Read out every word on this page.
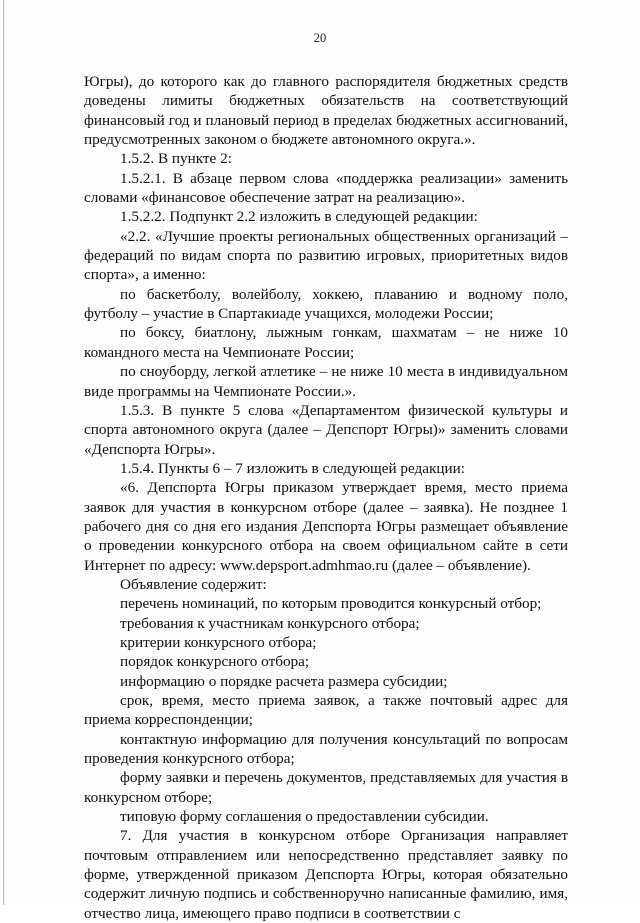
20

Югры), до которого как до главного распорядителя бюджетных средств доведены лимиты бюджетных обязательств на соответствующий финансовый год и плановый период в пределах бюджетных ассигнований, предусмотренных законом о бюджете автономного округа.».

1.5.2. В пункте 2:

1.5.2.1. В абзаце первом слова «поддержка реализации» заменить словами «финансовое обеспечение затрат на реализацию».

1.5.2.2. Подпункт 2.2 изложить в следующей редакции:

«2.2. «Лучшие проекты региональных общественных организаций – федераций по видам спорта по развитию игровых, приоритетных видов спорта», а именно:

по баскетболу, волейболу, хоккею, плаванию и водному поло, футболу – участие в Спартакиаде учащихся, молодежи России;

по боксу, биатлону, лыжным гонкам, шахматам – не ниже 10 командного места на Чемпионате России;

по сноуборду, легкой атлетике – не ниже 10 места в индивидуальном виде программы на Чемпионате России.».

1.5.3. В пункте 5 слова «Департаментом физической культуры и спорта автономного округа (далее – Депспорт Югры)» заменить словами «Депспорта Югры».

1.5.4. Пункты 6 – 7 изложить в следующей редакции:

«6. Депспорта Югры приказом утверждает время, место приема заявок для участия в конкурсном отборе (далее – заявка). Не позднее 1 рабочего дня со дня его издания Депспорта Югры размещает объявление о проведении конкурсного отбора на своем официальном сайте в сети Интернет по адресу: www.depsport.admhmao.ru (далее – объявление).

Объявление содержит:

перечень номинаций, по которым проводится конкурсный отбор;

требования к участникам конкурсного отбора;

критерии конкурсного отбора;

порядок конкурсного отбора;

информацию о порядке расчета размера субсидии;

срок, время, место приема заявок, а также почтовый адрес для приема корреспонденции;

контактную информацию для получения консультаций по вопросам проведения конкурсного отбора;

форму заявки и перечень документов, представляемых для участия в конкурсном отборе;

типовую форму соглашения о предоставлении субсидии.

7. Для участия в конкурсном отборе Организация направляет почтовым отправлением или непосредственно представляет заявку по форме, утвержденной приказом Депспорта Югры, которая обязательно содержит личную подпись и собственноручно написанные фамилию, имя, отчество лица, имеющего право подписи в соответствии с
